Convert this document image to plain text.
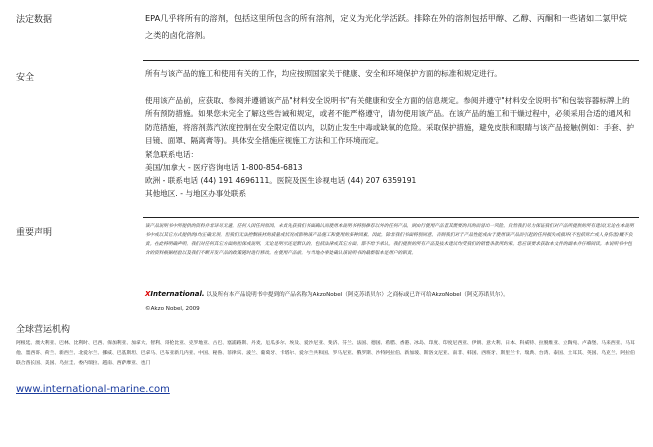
法定数据	EPA几乎将所有的溶剂，包括这里所包含的所有溶剂，定义为光化学活跃。排除在外的溶剂包括甲醇、乙醇、丙酮和一些诸如二氯甲烷之类的卤化溶剂。
安全	所有与该产品的施工和使用有关的工作，均应按照国家关于健康、安全和环境保护方面的标准和规定进行。

使用该产品前，应获取、参阅并遵循该产品"材料安全说明书"有关健康和安全方面的信息规定。参阅并遵守"材料安全说明书"和包装容器标牌上的所有预防措施。如果您未完全了解这些告诫和规定，或者不能严格遵守，请勿使用该产品。在该产品的施工和干燥过程中，必须采用合适的通风和防范措施，将溶剂蒸汽浓度控制在安全限定值以内，以防止发生中毒或缺氧的危险。采取保护措施，避免皮肤和眼睛与该产品接触(例如：手套、护目镜、面罩、隔离膏等)。具体安全措施应视施工方法和工作环境而定。

紧急联系电话：

美国/加拿大 - 医疗咨询电话 1-800-854-6813

欧洲 - 联系电话 (44) 191 4696111。医院及医生诊视电话 (44) 207 6359191

其他地区. - 与地区办事处联系

重要声明
该产品说明书中所提供的资料并非详尽无遗，任何人因任何原因，未首先获我们书面确认而使用本说明书特别推荐以外的任何产品，则由行使用产品者其需要的目的而冒出一风险。自然我们尽力保证我们对产品所提供的所有建议(无论在本说明书中或以其它方式提供的)均正确无误，但我们无法控制底材的质量或状况或影响该产品施工和使用的多种因素。因此，除非我们书面特别同意，否则我们对于产品性能或由于使用该产品而引起的任何损失或损坏(不包括死亡或人身伤害)概不负责。在此特明确声明，我们对任何其它方面的担保或说明，无论是明示还是默认的，包括法律或其它方面，都不给予承认。我们提供的所有产品及技术建议均受我们的销售条款所约束。您应该要求获取本文件的副本并仔细阅读。本说明书中包含的资料根据经验以及我们不断开发产品的政策随时进行修改。在使用产品前，与当地办事处确认该说明书的最新版本是用户的职责。
XInternational. 以及所有本产品说明书中提到的产品名称为AkzoNobel（阿克苏诺贝尔）之商标或已许可给AkzoNobel（阿克苏诺贝尔）。
©Akzo Nobel, 2009
全球营运机构
阿根廷、澳大利亚、巴林、比利时、巴西、保加利亚、加拿大、智利、哥伦比亚、克罗地亚、古巴、塞浦路斯、丹麦、厄瓜多尔、埃及、爱沙尼亚、斐济、芬兰、法国、德国、希腊、香港、冰岛、印度、印度尼西亚、伊朗、意大利、日本、科威特、拉脱维亚、立陶宛、卢森堡、马来西亚、马耳他、墨西哥、荷兰、新西兰、北爱尔兰、挪威、巴基斯坦、巴拿马、巴布亚新几内亚、中国、秘鲁、菲律宾、波兰、葡萄牙、卡塔尔、爱尔兰共和国、罗马尼亚、俄罗斯、沙特阿拉伯、新加坡、斯洛文尼亚、南非、韩国、西班牙、斯里兰卡、瑞典、台湾、泰国、土耳其、英国、乌克兰、阿拉伯联合酋长国、美国、乌拉圭、委内瑞拉、越南、西萨摩亚、也门
www.international-marine.com
